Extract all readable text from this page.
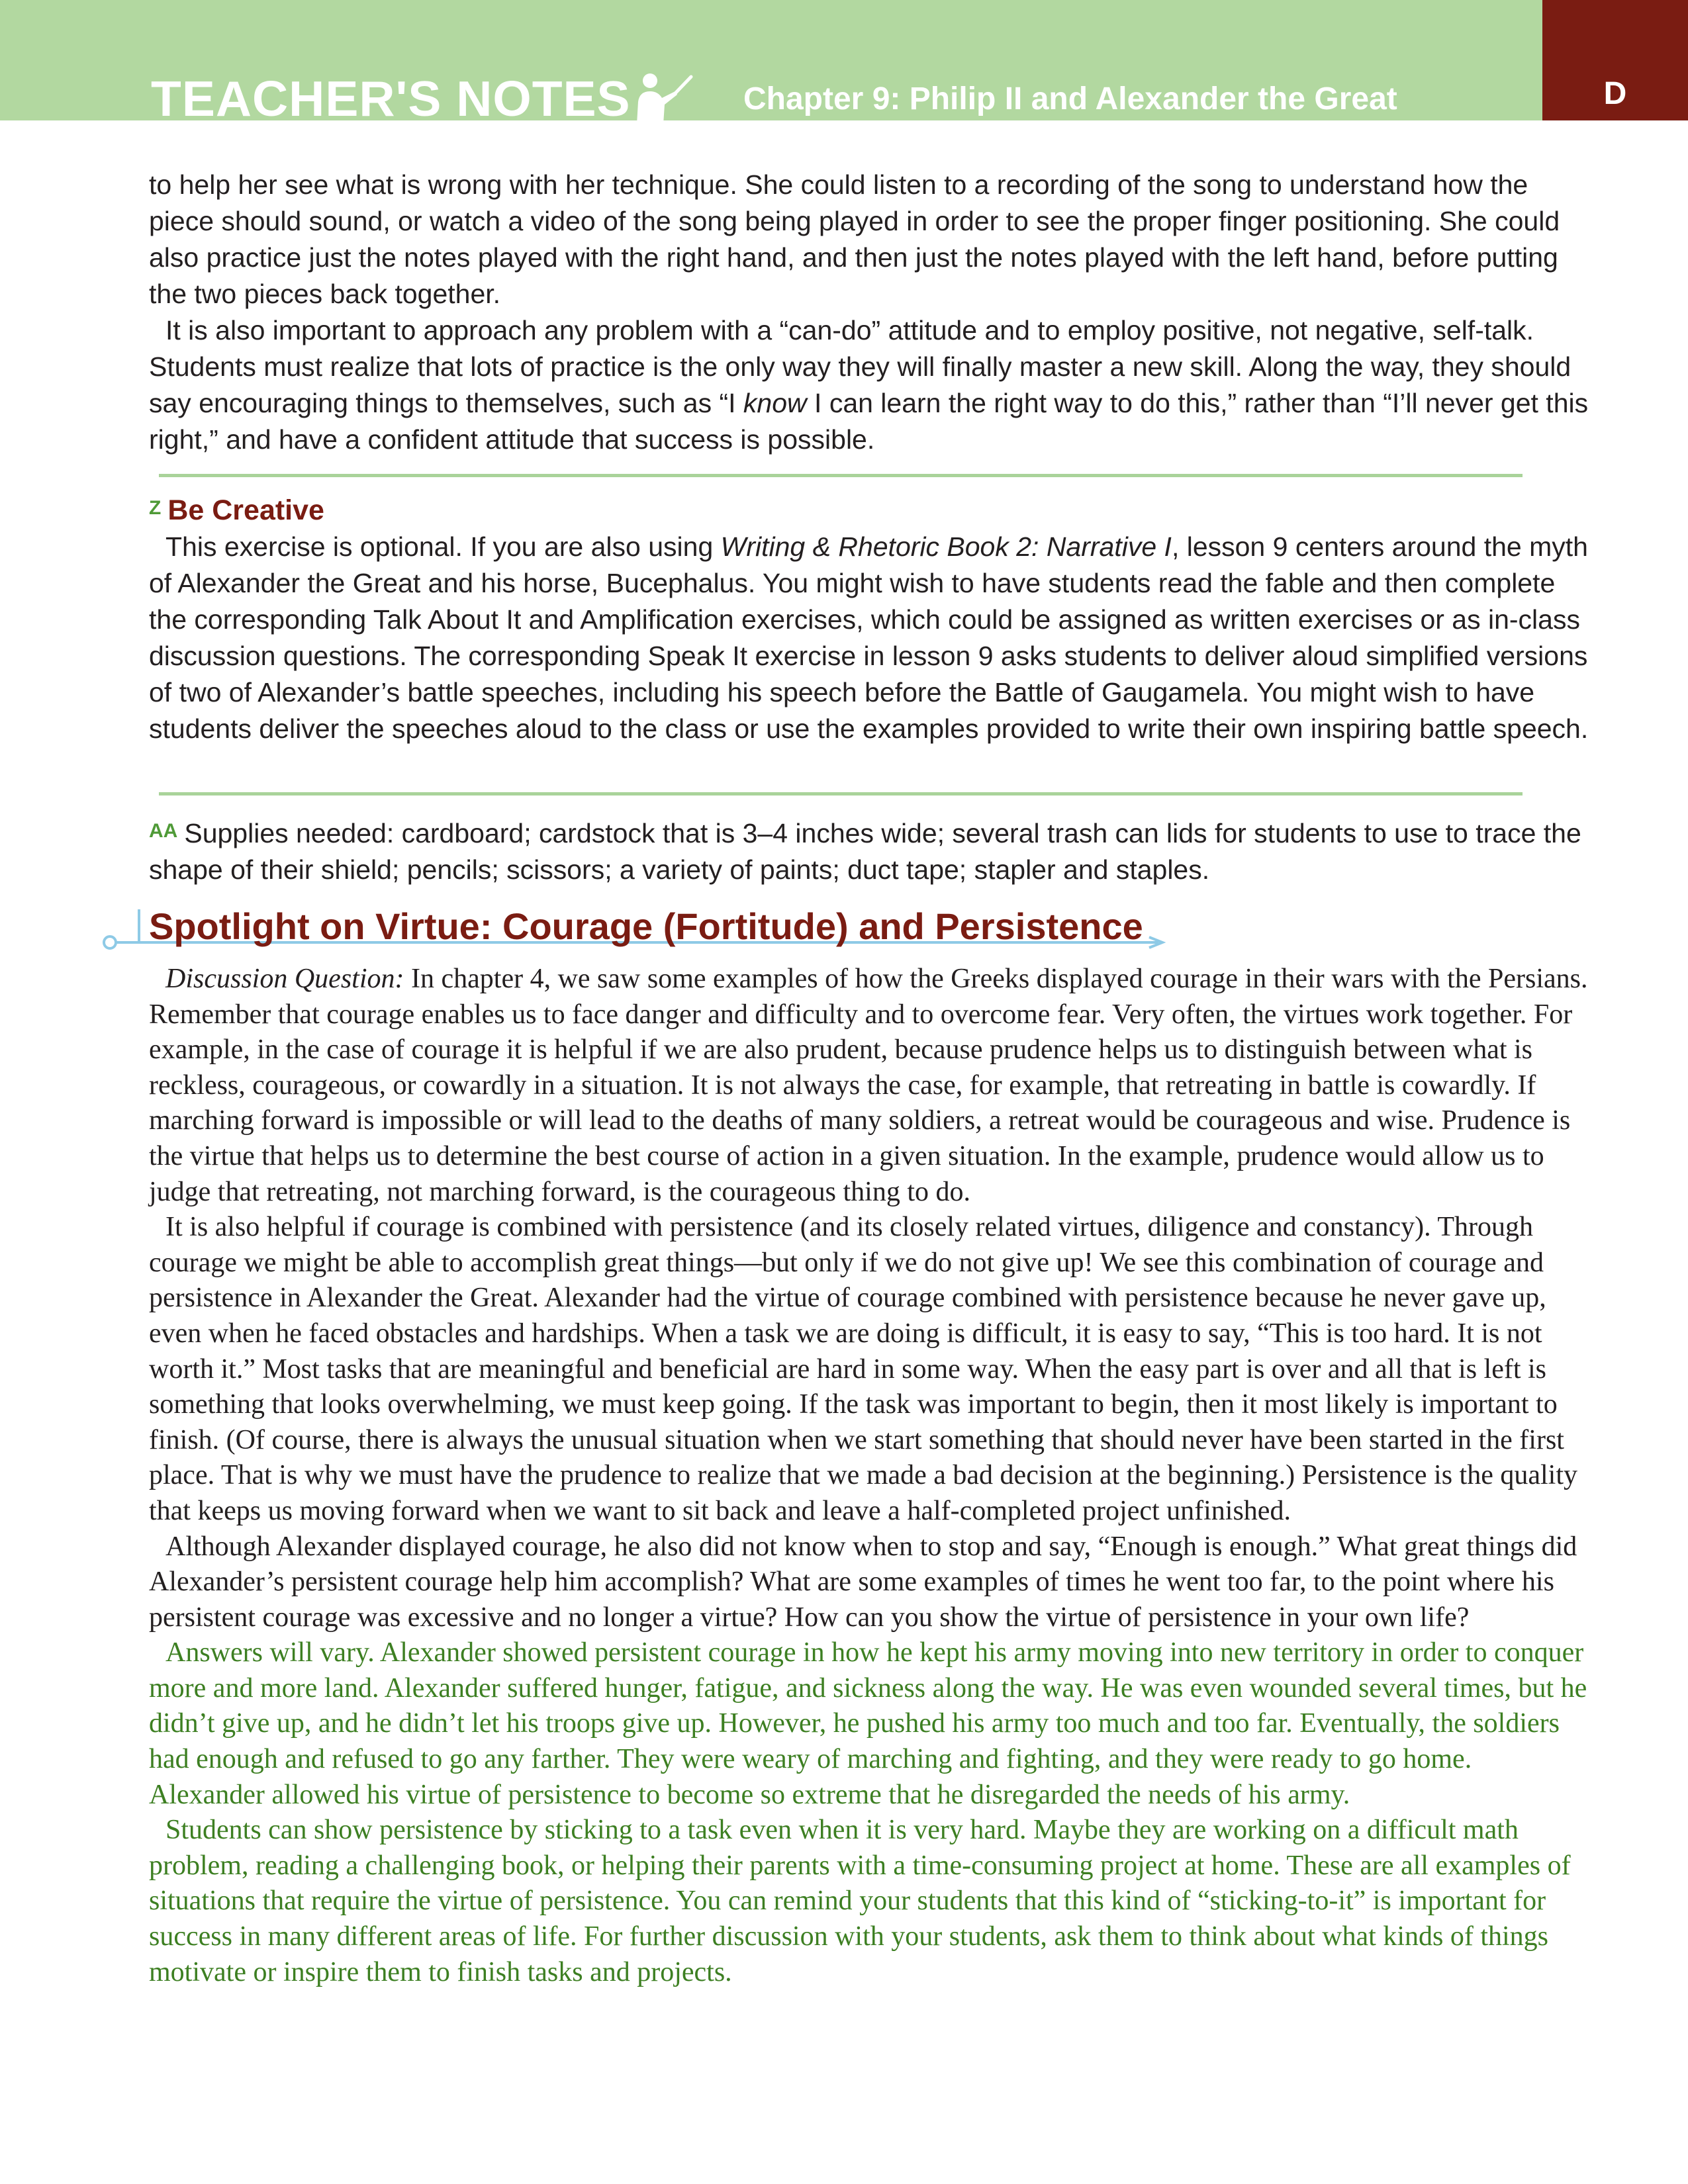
D
TEACHER'S NOTES	Chapter 9: Philip II and Alexander the Great

to help her see what is wrong with her technique. She could listen to a recording of the song to understand how the piece should sound, or watch a video of the song being played in order to see the proper finger positioning. She could also practice just the notes played with the right hand, and then just the notes played with the left hand, before putting the two pieces back together.

It is also important to approach any problem with a “can-do” attitude and to employ positive, not negative, self-talk. Students must realize that lots of practice is the only way they will finally master a new skill. Along the way, they should say encouraging things to themselves, such as “I know I can learn the right way to do this,” rather than “I’ll never get this right,” and have a confident attitude that success is possible.

Z Be Creative

This exercise is optional. If you are also using Writing & Rhetoric Book 2: Narrative I, lesson 9 centers around the myth of Alexander the Great and his horse, Bucephalus. You might wish to have students read the fable and then complete the corresponding Talk About It and Amplification exercises, which could be assigned as written exercises or as in-class discussion questions. The corresponding Speak It exercise in lesson 9 asks students to deliver aloud simplified versions of two of Alexander’s battle speeches, including his speech before the Battle of Gaugamela. You might wish to have students deliver the speeches aloud to the class or use the examples provided to write their own inspiring battle speech.

AA Supplies needed: cardboard; cardstock that is 3–4 inches wide; several trash can lids for students to use to trace the shape of their shield; pencils; scissors; a variety of paints; duct tape; stapler and staples.

Spotlight on Virtue: Courage (Fortitude) and Persistence

Discussion Question: In chapter 4, we saw some examples of how the Greeks displayed courage in their wars with the Persians. Remember that courage enables us to face danger and difficulty and to overcome fear. Very often, the virtues work together. For example, in the case of courage it is helpful if we are also prudent, because prudence helps us to distinguish between what is reckless, courageous, or cowardly in a situation. It is not always the case, for example, that retreating in battle is cowardly. If marching forward is impossible or will lead to the deaths of many soldiers, a retreat would be courageous and wise. Prudence is the virtue that helps us to determine the best course of action in a given situation. In the example, prudence would allow us to judge that retreating, not marching forward, is the courageous thing to do.

It is also helpful if courage is combined with persistence (and its closely related virtues, diligence and constancy). Through courage we might be able to accomplish great things—but only if we do not give up! We see this combination of courage and persistence in Alexander the Great. Alexander had the virtue of courage combined with persistence because he never gave up, even when he faced obstacles and hardships. When a task we are doing is difficult, it is easy to say, “This is too hard. It is not worth it.” Most tasks that are meaningful and beneficial are hard in some way. When the easy part is over and all that is left is something that looks overwhelming, we must keep going. If the task was important to begin, then it most likely is important to finish. (Of course, there is always the unusual situation when we start something that should never have been started in the first place. That is why we must have the prudence to realize that we made a bad decision at the beginning.) Persistence is the quality that keeps us moving forward when we want to sit back and leave a half-completed project unfinished.

Although Alexander displayed courage, he also did not know when to stop and say, “Enough is enough.” What great things did Alexander’s persistent courage help him accomplish? What are some examples of times he went too far, to the point where his persistent courage was excessive and no longer a virtue? How can you show the virtue of persistence in your own life?

Answers will vary. Alexander showed persistent courage in how he kept his army moving into new territory in order to conquer more and more land. Alexander suffered hunger, fatigue, and sickness along the way. He was even wounded several times, but he didn’t give up, and he didn’t let his troops give up. However, he pushed his army too much and too far. Eventually, the soldiers had enough and refused to go any farther. They were weary of marching and fighting, and they were ready to go home. Alexander allowed his virtue of persistence to become so extreme that he disregarded the needs of his army.

Students can show persistence by sticking to a task even when it is very hard. Maybe they are working on a difficult math problem, reading a challenging book, or helping their parents with a time-consuming project at home. These are all examples of situations that require the virtue of persistence. You can remind your students that this kind of “sticking-to-it” is important for success in many different areas of life. For further discussion with your students, ask them to think about what kinds of things motivate or inspire them to finish tasks and projects.
